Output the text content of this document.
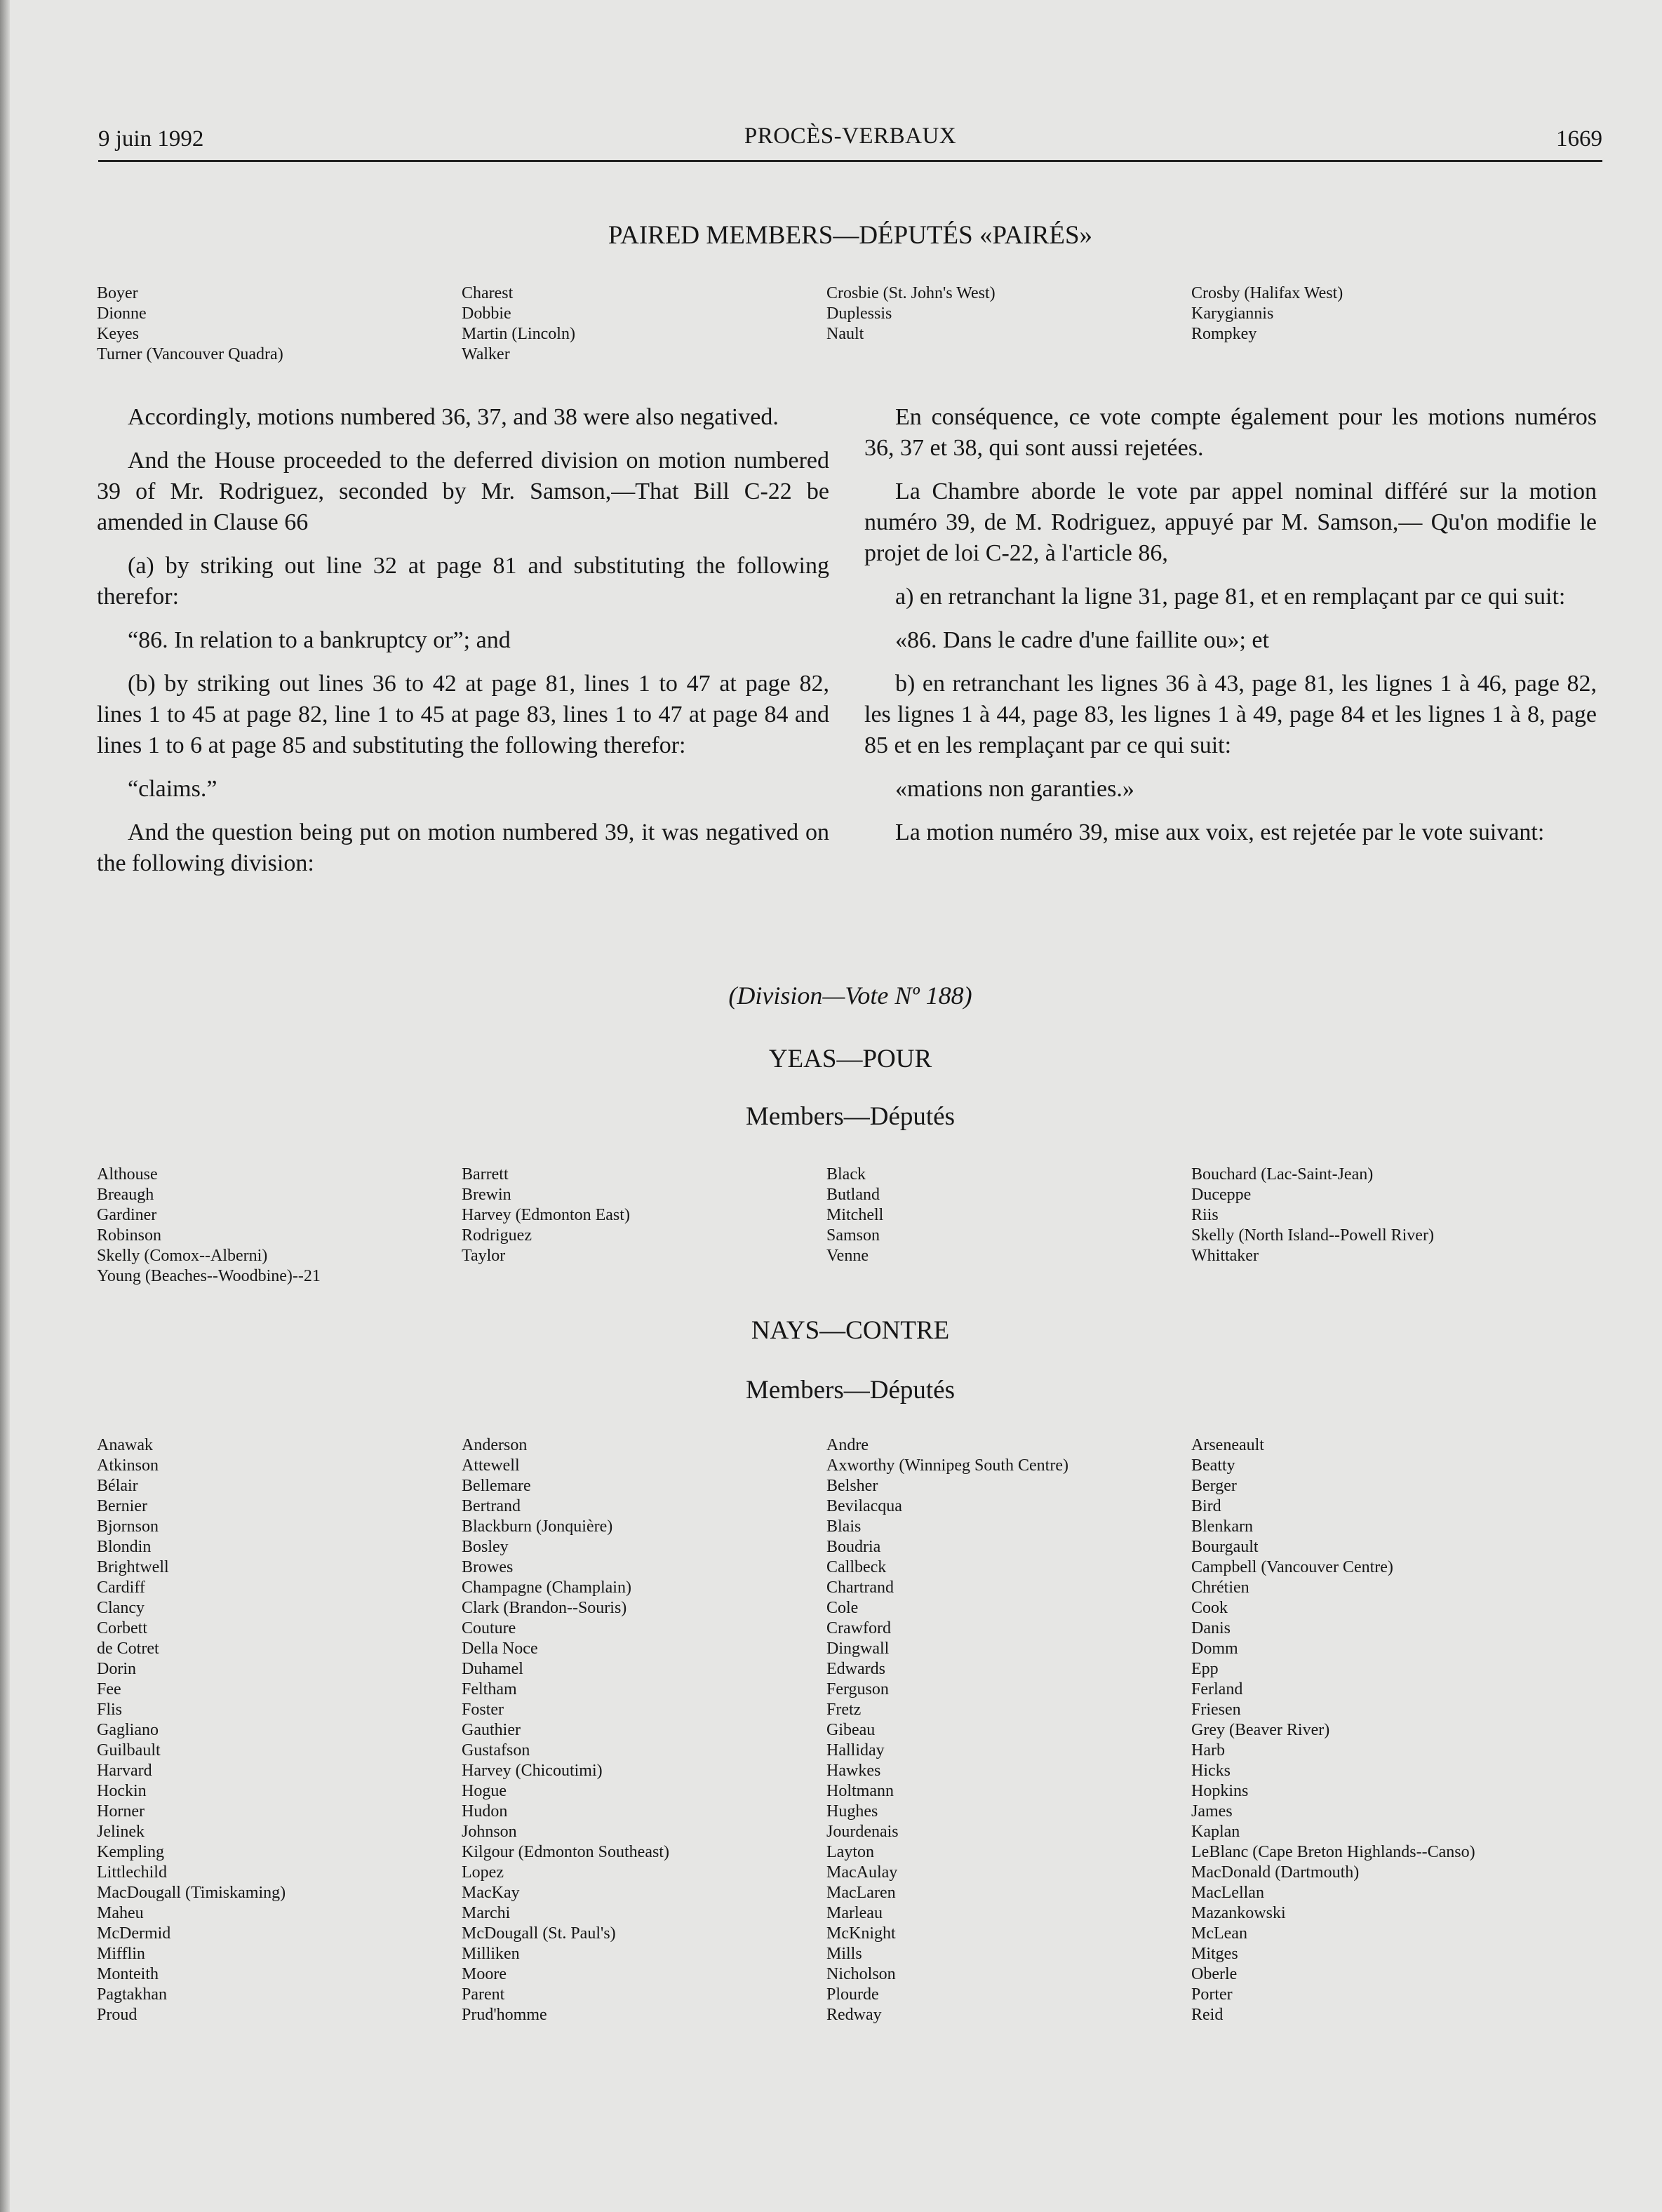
9 juin 1992	PROCÈS-VERBAUX	1669
PAIRED MEMBERS—DÉPUTÉS «PAIRÉS»
Boyer
Dionne
Keyes
Turner (Vancouver Quadra)
Charest
Dobbie
Martin (Lincoln)
Walker
Crosbie (St. John's West)
Duplessis
Nault
Crosby (Halifax West)
Karygiannis
Rompkey

Accordingly, motions numbered 36, 37, and 38 were also negatived.

And the House proceeded to the deferred division on motion numbered 39 of Mr. Rodriguez, seconded by Mr. Samson,—That Bill C-22 be amended in Clause 66

(a) by striking out line 32 at page 81 and substituting the following therefor:

“86. In relation to a bankruptcy or”; and

(b) by striking out lines 36 to 42 at page 81, lines 1 to 47 at page 82, lines 1 to 45 at page 82, line 1 to 45 at page 83, lines 1 to 47 at page 84 and lines 1 to 6 at page 85 and substituting the following therefor:

“claims.”

And the question being put on motion numbered 39, it was negatived on the following division:

En conséquence, ce vote compte également pour les motions numéros 36, 37 et 38, qui sont aussi rejetées.

La Chambre aborde le vote par appel nominal différé sur la motion numéro 39, de M. Rodriguez, appuyé par M. Samson,— Qu'on modifie le projet de loi C-22, à l'article 86,

a) en retranchant la ligne 31, page 81, et en remplaçant par ce qui suit:

«86. Dans le cadre d'une faillite ou»; et

b) en retranchant les lignes 36 à 43, page 81, les lignes 1 à 46, page 82, les lignes 1 à 44, page 83, les lignes 1 à 49, page 84 et les lignes 1 à 8, page 85 et en les remplaçant par ce qui suit:

«mations non garanties.»

La motion numéro 39, mise aux voix, est rejetée par le vote suivant:

(Division—Vote Nº 188)
YEAS—POUR
Members—Députés
Althouse
Breaugh
Gardiner
Robinson
Skelly (Comox--Alberni)
Young (Beaches--Woodbine)--21
Barrett
Brewin
Harvey (Edmonton East)
Rodriguez
Taylor
Black
Butland
Mitchell
Samson
Venne
Bouchard (Lac-Saint-Jean)
Duceppe
Riis
Skelly (North Island--Powell River)
Whittaker
NAYS—CONTRE
Members—Députés
Anawak
Atkinson
Bélair
Bernier
Bjornson
Blondin
Brightwell
Cardiff
Clancy
Corbett
de Cotret
Dorin
Fee
Flis
Gagliano
Guilbault
Harvard
Hockin
Horner
Jelinek
Kempling
Littlechild
MacDougall (Timiskaming)
Maheu
McDermid
Mifflin
Monteith
Pagtakhan
Proud
Anderson
Attewell
Bellemare
Bertrand
Blackburn (Jonquière)
Bosley
Browes
Champagne (Champlain)
Clark (Brandon--Souris)
Couture
Della Noce
Duhamel
Feltham
Foster
Gauthier
Gustafson
Harvey (Chicoutimi)
Hogue
Hudon
Johnson
Kilgour (Edmonton Southeast)
Lopez
MacKay
Marchi
McDougall (St. Paul's)
Milliken
Moore
Parent
Prud'homme
Andre
Axworthy (Winnipeg South Centre)
Belsher
Bevilacqua
Blais
Boudria
Callbeck
Chartrand
Cole
Crawford
Dingwall
Edwards
Ferguson
Fretz
Gibeau
Halliday
Hawkes
Holtmann
Hughes
Jourdenais
Layton
MacAulay
MacLaren
Marleau
McKnight
Mills
Nicholson
Plourde
Redway
Arseneault
Beatty
Berger
Bird
Blenkarn
Bourgault
Campbell (Vancouver Centre)
Chrétien
Cook
Danis
Domm
Epp
Ferland
Friesen
Grey (Beaver River)
Harb
Hicks
Hopkins
James
Kaplan
LeBlanc (Cape Breton Highlands--Canso)
MacDonald (Dartmouth)
MacLellan
Mazankowski
McLean
Mitges
Oberle
Porter
Reid
